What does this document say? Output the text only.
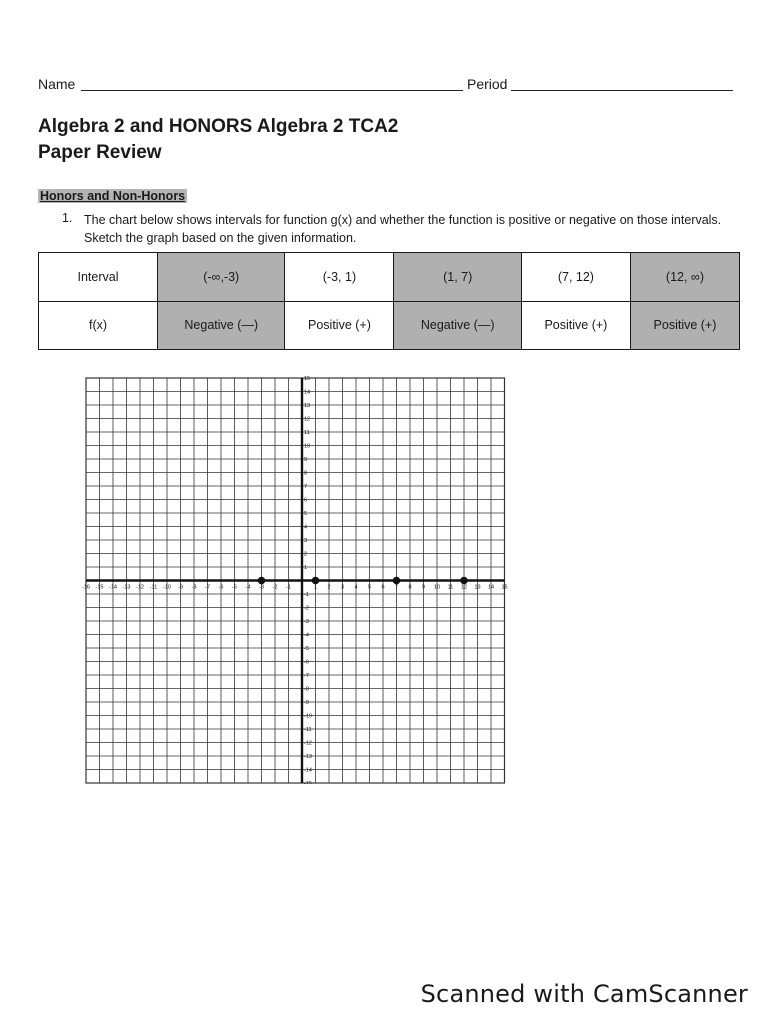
Name	Period
Algebra 2 and HONORS Algebra 2 TCA2
Paper Review
Honors and Non-Honors
1. The chart below shows intervals for function g(x) and whether the function is positive or negative on those intervals. Sketch the graph based on the given information.

Interval	(-∞,-3)	(-3, 1)	(1, 7)	(7, 12)	(12, ∞)
f(x)	Negative (—)	Positive (+)	Negative (—)	Positive (+)	Positive (+)
-16 -15 -14 -13 -12 -11 -10 -9 -8 -7 -6 -5 -4 -3 -2 -1	1 2 3 4 5 6 7 8 9 10 11 12 13 14 15
15
14
13
12
11
10
9
8
7
6
5
4
3
2
1
-1
-2
-3
-4
-5
-6
-7
-8
-9
-10
-11
-12
-13
-14
-15
Scanned with CamScanner
